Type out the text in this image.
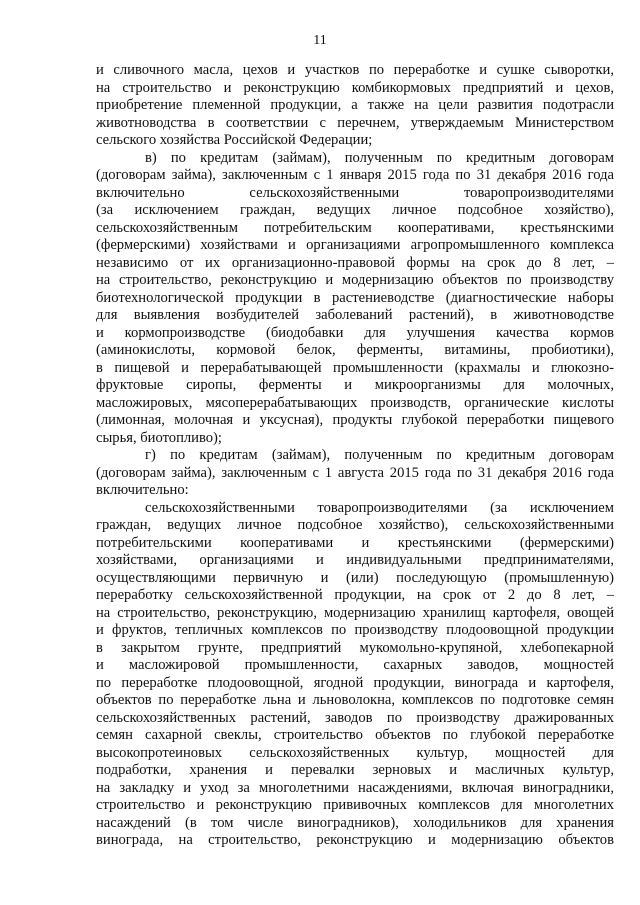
11
и сливочного масла, цехов и участков по переработке и сушке сыворотки,
на строительство и реконструкцию комбикормовых предприятий и цехов,
приобретение племенной продукции, а также на цели развития подотрасли
животноводства в соответствии с перечнем, утверждаемым Министерством
сельского хозяйства Российской Федерации;
в) по кредитам (займам), полученным по кредитным договорам
(договорам займа), заключенным с 1 января 2015 года по 31 декабря 2016 года
включительно сельскохозяйственными товаропроизводителями
(за исключением граждан, ведущих личное подсобное хозяйство),
сельскохозяйственным потребительским кооперативами, крестьянскими
(фермерскими) хозяйствами и организациями агропромышленного комплекса
независимо от их организационно-правовой формы на срок до 8 лет, –
на строительство, реконструкцию и модернизацию объектов по производству
биотехнологической продукции в растениеводстве (диагностические наборы
для выявления возбудителей заболеваний растений), в животноводстве
и кормопроизводстве (биодобавки для улучшения качества кормов
(аминокислоты, кормовой белок, ферменты, витамины, пробиотики),
в пищевой и перерабатывающей промышленности (крахмалы и глюкозно-
фруктовые сиропы, ферменты и микроорганизмы для молочных,
масложировых, мясоперерабатывающих производств, органические кислоты
(лимонная, молочная и уксусная), продукты глубокой переработки пищевого
сырья, биотопливо);
г) по кредитам (займам), полученным по кредитным договорам
(договорам займа), заключенным с 1 августа 2015 года по 31 декабря 2016 года
включительно:
сельскохозяйственными товаропроизводителями (за исключением
граждан, ведущих личное подсобное хозяйство), сельскохозяйственными
потребительскими кооперативами и крестьянскими (фермерскими)
хозяйствами, организациями и индивидуальными предпринимателями,
осуществляющими первичную и (или) последующую (промышленную)
переработку сельскохозяйственной продукции, на срок от 2 до 8 лет, –
на строительство, реконструкцию, модернизацию хранилищ картофеля, овощей
и фруктов, тепличных комплексов по производству плодоовощной продукции
в закрытом грунте, предприятий мукомольно-крупяной, хлебопекарной
и масложировой промышленности, сахарных заводов, мощностей
по переработке плодоовощной, ягодной продукции, винограда и картофеля,
объектов по переработке льна и льноволокна, комплексов по подготовке семян
сельскохозяйственных растений, заводов по производству дражированных
семян сахарной свеклы, строительство объектов по глубокой переработке
высокопротеиновых сельскохозяйственных культур, мощностей для
подработки, хранения и перевалки зерновых и масличных культур,
на закладку и уход за многолетними насаждениями, включая виноградники,
строительство и реконструкцию прививочных комплексов для многолетних
насаждений (в том числе виноградников), холодильников для хранения
винограда, на строительство, реконструкцию и модернизацию объектов
